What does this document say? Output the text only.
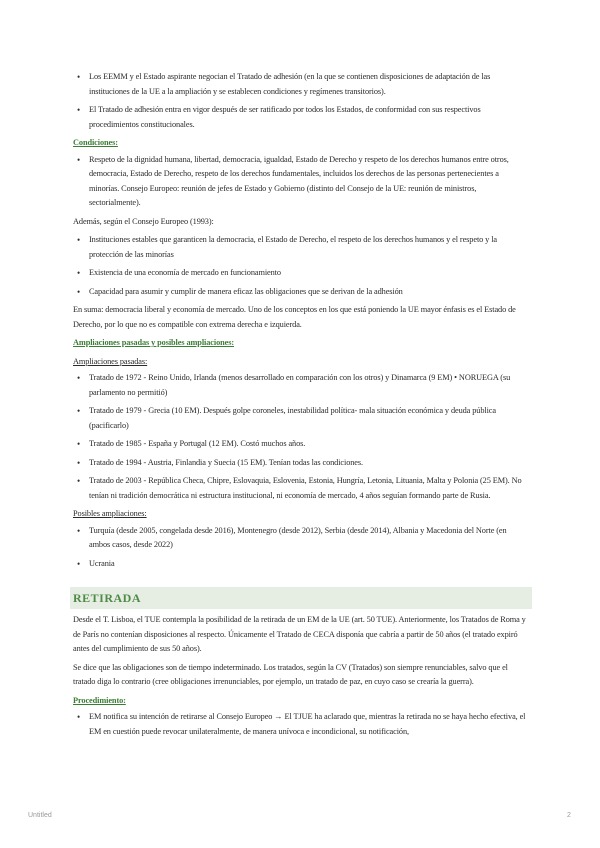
• Los EEMM y el Estado aspirante negocian el Tratado de adhesión (en la que se contienen disposiciones de adaptación de las instituciones de la UE a la ampliación y se establecen condiciones y regímenes transitorios).
• El Tratado de adhesión entra en vigor después de ser ratificado por todos los Estados, de conformidad con sus respectivos procedimientos constitucionales.
Condiciones:
• Respeto de la dignidad humana, libertad, democracia, igualdad, Estado de Derecho y respeto de los derechos humanos entre otros, democracia, Estado de Derecho, respeto de los derechos fundamentales, incluidos los derechos de las personas pertenecientes a minorías. Consejo Europeo: reunión de jefes de Estado y Gobierno (distinto del Consejo de la UE: reunión de ministros, sectorialmente).

Además, según el Consejo Europeo (1993):

• Instituciones estables que garanticen la democracia, el Estado de Derecho, el respeto de los derechos humanos y el respeto y la protección de las minorías
• Existencia de una economía de mercado en funcionamiento
• Capacidad para asumir y cumplir de manera eficaz las obligaciones que se derivan de la adhesión

En suma: democracia liberal y economía de mercado. Uno de los conceptos en los que está poniendo la UE mayor énfasis es el Estado de Derecho, por lo que no es compatible con extrema derecha e izquierda.

Ampliaciones pasadas y posibles ampliaciones:
Ampliaciones pasadas:
• Tratado de 1972 - Reino Unido, Irlanda (menos desarrollado en comparación con los otros) y Dinamarca (9 EM) • NORUEGA (su parlamento no permitió)
• Tratado de 1979 - Grecia (10 EM). Después golpe coroneles, inestabilidad política- mala situación económica y deuda pública (pacificarlo)
• Tratado de 1985 - España y Portugal (12 EM). Costó muchos años.
• Tratado de 1994 - Austria, Finlandia y Suecia (15 EM). Tenían todas las condiciones.
• Tratado de 2003 - República Checa, Chipre, Eslovaquia, Eslovenia, Estonia, Hungría, Letonia, Lituania, Malta y Polonia (25 EM). No tenían ni tradición democrática ni estructura institucional, ni economía de mercado, 4 años seguían formando parte de Rusia.
Posibles ampliaciones:
• Turquía (desde 2005, congelada desde 2016), Montenegro (desde 2012), Serbia (desde 2014), Albania y Macedonia del Norte (en ambos casos, desde 2022)
• Ucrania
RETIRADA

Desde el T. Lisboa, el TUE contempla la posibilidad de la retirada de un EM de la UE (art. 50 TUE). Anteriormente, los Tratados de Roma y de París no contenían disposiciones al respecto. Únicamente el Tratado de CECA disponía que cabría a partir de 50 años (el tratado expiró antes del cumplimiento de sus 50 años).

Se dice que las obligaciones son de tiempo indeterminado. Los tratados, según la CV (Tratados) son siempre renunciables, salvo que el tratado diga lo contrario (cree obligaciones irrenunciables, por ejemplo, un tratado de paz, en cuyo caso se crearía la guerra).

Procedimiento:
• EM notifica su intención de retirarse al Consejo Europeo → El TJUE ha aclarado que, mientras la retirada no se haya hecho efectiva, el EM en cuestión puede revocar unilateralmente, de manera unívoca e incondicional, su notificación,
Untitled	2
